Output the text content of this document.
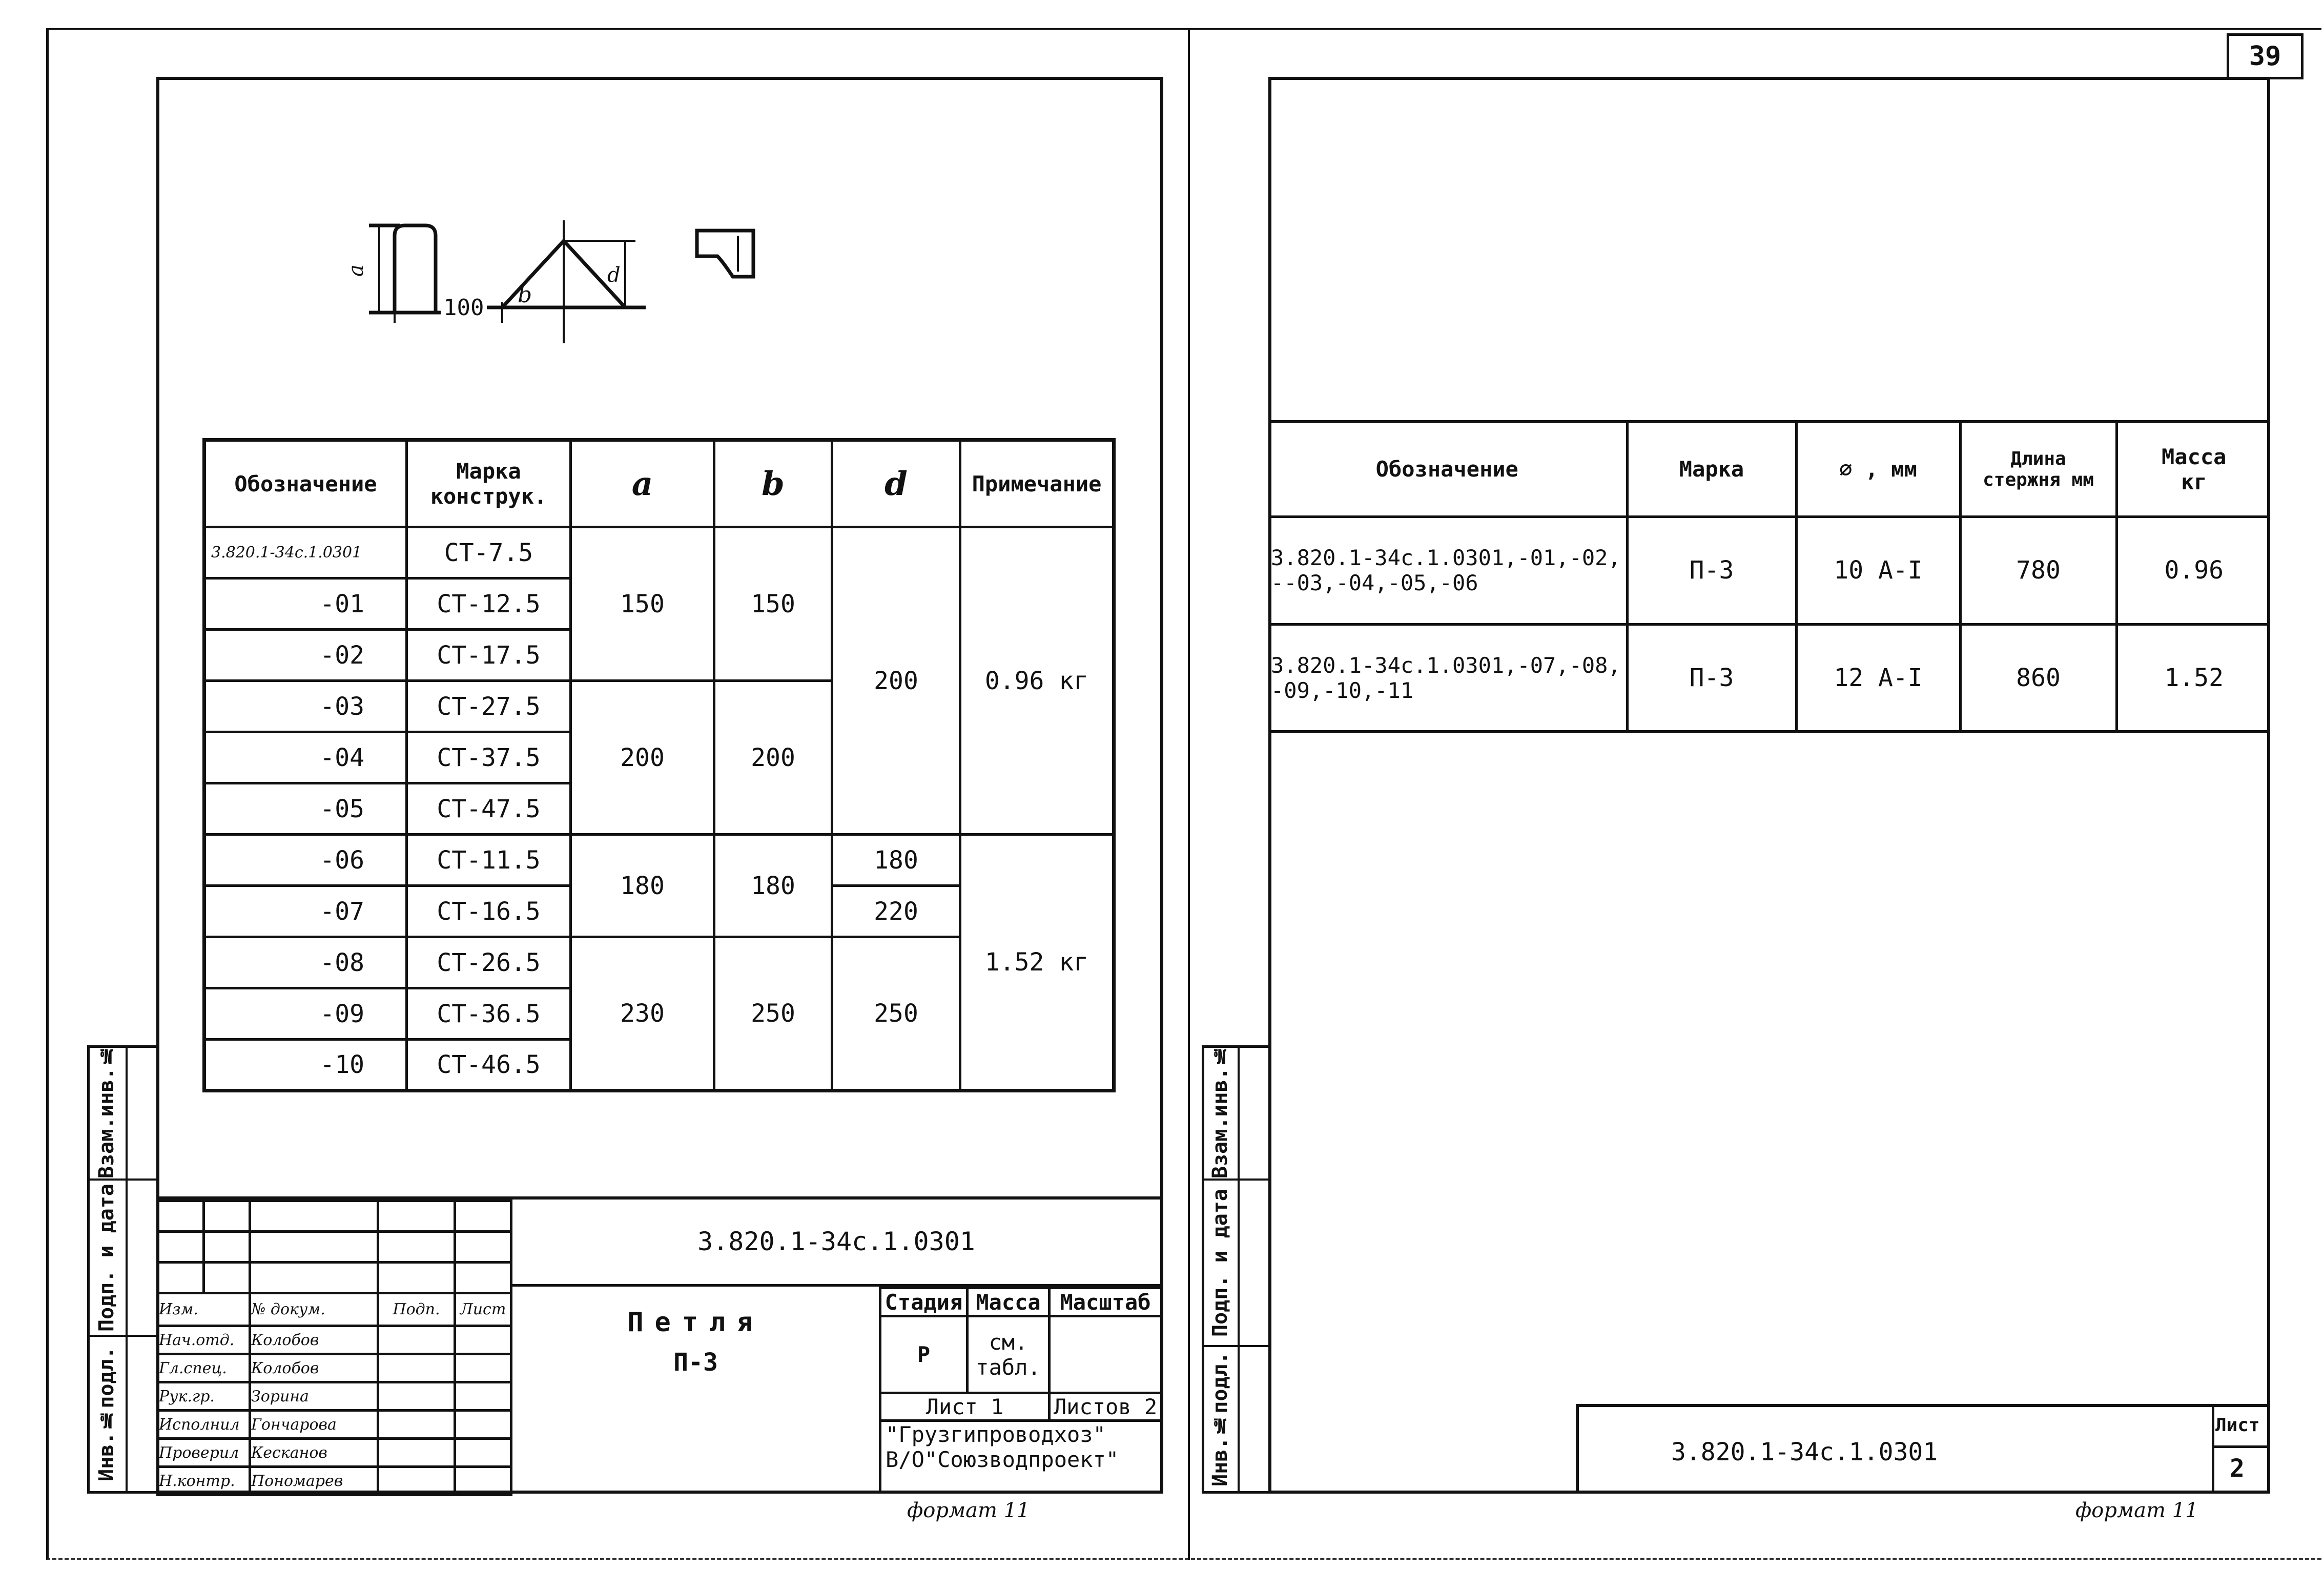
39
100
a
b
d
Обозначение	Марка конструк.	a	b	d	Примечание
3.820.1-34с.1.0301	СТ-7.5	150	150	200	0.96 кг
-01	СТ-12.5				
-02	СТ-17.5				
-03	СТ-27.5	200	200		
-04	СТ-37.5				
-05	СТ-47.5				
-06	СТ-11.5	180	180	180	1.52 кг
-07	СТ-16.5			220	
-08	СТ-26.5	230	250	250	
-09	СТ-36.5				
-10	СТ-46.5				
Взам.инв.№
Подп. и дата
Инв.№подл.

Изм.		№ докум.	Подп.	Лист
Нач.отд.		Колобов		
Гл.спец.		Колобов		
Рук.гр.		Зорина		
Исполнил		Гончарова		
Проверил		Кесканов		
Н.контр.		Пономарев		
3.820.1-34с.1.0301
Петля
П-3
Стадия	Масса	Масштаб
Р	см. табл.	
Лист 1		Листов 2

"Грузгипроводхоз"
В/О"Союзводпроект"		
формат 11
Обозначение	Марка	⌀ , мм	Длина стержня мм	Масса кг
3.820.1-34с.1.0301,-01,-02, --03,-04,-05,-06	П-3	10 А-I	780	0.96
3.820.1-34с.1.0301,-07,-08, -09,-10,-11	П-3	12 А-I	860	1.52
Взам.инв.№
Подп. и дата
Инв.№подл.	3.820.1-34с.1.0301
Лист
2
формат 11
